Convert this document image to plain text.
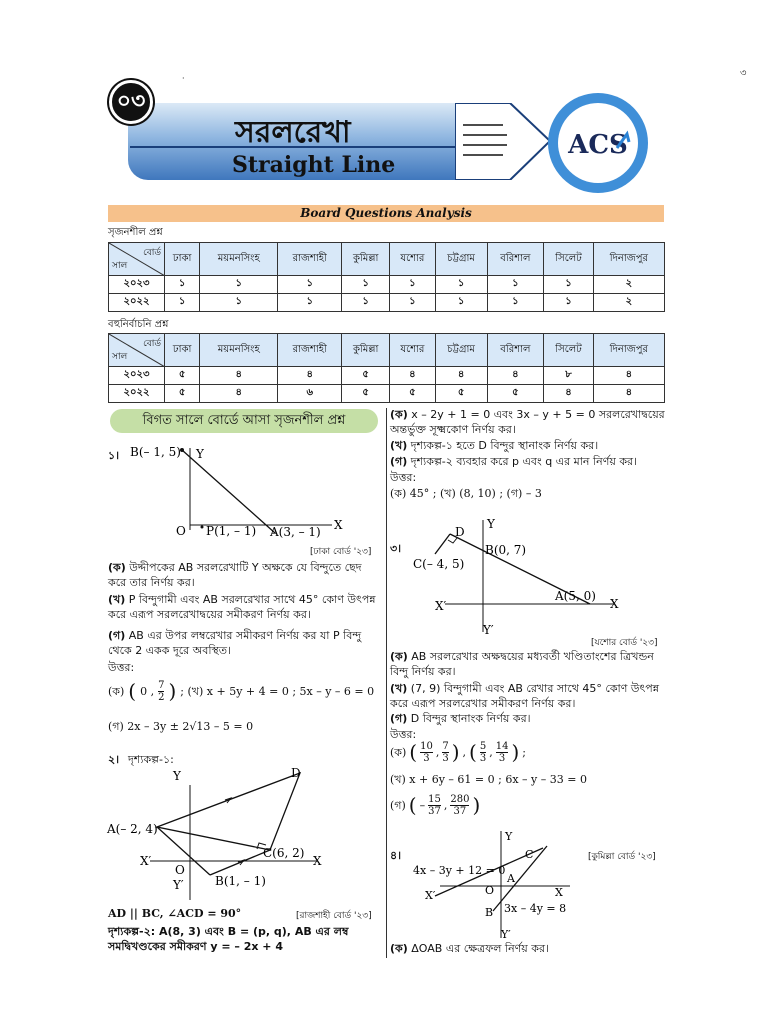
৩
·
সরলরেখা
Straight Line
০৩
ACS
Board Questions Analysis
সৃজনশীল প্রশ্ন
বোর্ড
সাল	ঢাকা	ময়মনসিংহ	রাজশাহী	কুমিল্লা	যশোর	চট্টগ্রাম	বরিশাল	সিলেট	দিনাজপুর
২০২৩	১	১	১	১	১	১	১	১	২
২০২২	১	১	১	১	১	১	১	১	২
বহুনির্বাচনি প্রশ্ন
বোর্ড
সাল	ঢাকা	ময়মনসিংহ	রাজশাহী	কুমিল্লা	যশোর	চট্টগ্রাম	বরিশাল	সিলেট	দিনাজপুর
২০২৩	৫	৪	৪	৫	৪	৪	৪	৮	৪
২০২২	৫	৪	৬	৫	৫	৫	৫	৪	৪
বিগত সালে বোর্ডে আসা সৃজনশীল প্রশ্ন
১। B(– 1, 5) Y
O P(1, – 1) A(3, – 1) X
[ঢাকা বোর্ড '২৩]
(ক) উদ্দীপকের AB সরলরেখাটি Y অক্ষকে যে বিন্দুতে ছেদ করে তার নির্ণয় কর।
(খ) P বিন্দুগামী এবং AB সরলরেখার সাথে 45° কোণ উৎপন্ন করে এরূপ সরলরেখাদ্বয়ের সমীকরণ নির্ণয় কর।
(গ) AB এর উপর লম্বরেখার সমীকরণ নির্ণয় কর যা P বিন্দু থেকে 2 একক দূরে অবস্থিত।
উত্তর:
(ক) ( 0 , $\frac{7}{2}$ ) ; (খ) x + 5y + 4 = 0 ; 5x – y – 6 = 0
(গ) 2x – 3y ± 2√13 – 5 = 0
২। দৃশ্যকল্প-১:
Y	D
A(– 2, 4)
C(6, 2)
X′
O
X
Y′	B(1, – 1)
AD || BC, ∠ACD = 90°	[রাজশাহী বোর্ড '২৩]
দৃশ্যকল্প-২: A(8, 3) এবং B = (p, q), AB এর লম্ব সমদ্বিখণ্ডকের সমীকরণ y = – 2x + 4
(ক) x – 2y + 1 = 0 এবং 3x – y + 5 = 0 সরলরেখাদ্বয়ের অন্তর্ভুক্ত সূক্ষ্মকোণ নির্ণয় কর।
(খ) দৃশ্যকল্প-১ হতে D বিন্দুর স্থানাংক নির্ণয় কর।
(গ) দৃশ্যকল্প-২ ব্যবহার করে p এবং q এর মান নির্ণয় কর।
উত্তর:
(ক) 45° ; (খ) (8, 10) ; (গ) – 3
৩।
D
Y
B(0, 7)
C(– 4, 5)
A(5, 0)
X′	X
Y′
[যশোর বোর্ড '২৩]
(ক) AB সরলরেখার অক্ষদ্বয়ের মধ্যবর্তী খণ্ডিতাংশের ত্রিখন্ডন বিন্দু নির্ণয় কর।
(খ) (7, 9) বিন্দুগামী এবং AB রেখার সাথে 45° কোণ উৎপন্ন করে এরূপ সরলরেখার সমীকরণ নির্ণয় কর।
(গ) D বিন্দুর স্থানাংক নির্ণয় কর।
উত্তর:
(ক) ( $\frac{10}{3}$ , $\frac{7}{3}$ ) , ( $\frac{5}{3}$ , $\frac{14}{3}$ ) ;
(খ) x + 6y – 61 = 0 ; 6x – y – 33 = 0
(গ) ( – $\frac{15}{37}$ , $\frac{280}{37}$ )
৪।	[কুমিল্লা বোর্ড '২৩]
Y
C
4x – 3y + 12 = 0
A
X′	O	X
B 3x – 4y = 8
Y′
(ক) ΔOAB এর ক্ষেত্রফল নির্ণয় কর।
